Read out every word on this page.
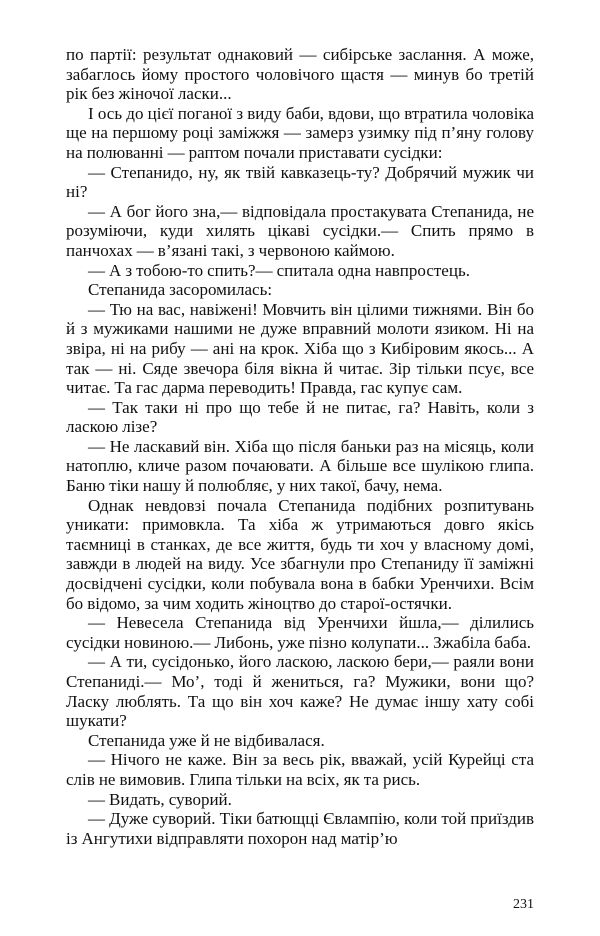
по партії: результат однаковий — сибірське заслання. А може, забаглось йому простого чоловічого щастя — минув бо третій рік без жіночої ласки...

І ось до цієї поганої з виду баби, вдови, що втратила чоловіка ще на першому році заміжжя — замерз узимку під п’яну голову на полюванні — раптом почали приставати сусідки:

— Степанидо, ну, як твій кавказець-ту? Добрячий мужик чи ні?

— А бог його зна,— відповідала простакувата Степанида, не розуміючи, куди хилять цікаві сусідки.— Спить прямо в панчохах — в’язані такі, з червоною каймою.

— А з тобою-то спить?— спитала одна навпростець.

Степанида засоромилась:

— Тю на вас, навіжені! Мовчить він цілими тижнями. Він бо й з мужиками нашими не дуже вправний молоти язиком. Ні на звіра, ні на рибу — ані на крок. Хіба що з Кибіровим якось... А так — ні. Сяде звечора біля вікна й читає. Зір тільки псує, все читає. Та гас дарма переводить! Правда, гас купує сам.

— Так таки ні про що тебе й не питає, га? Навіть, коли з ласкою лізе?

— Не ласкавий він. Хіба що після баньки раз на місяць, коли натоплю, кличе разом почаювати. А більше все шулікою глипа. Баню тіки нашу й полюбляє, у них такої, бачу, нема.

Однак невдовзі почала Степанида подібних розпитувань уникати: примовкла. Та хіба ж утримаються довго якісь таємниці в станках, де все життя, будь ти хоч у власному домі, завжди в людей на виду. Усе збагнули про Степаниду її заміжні досвідчені сусідки, коли побувала вона в бабки Уренчихи. Всім бо відомо, за чим ходить жіноцтво до старої-остячки.

— Невесела Степанида від Уренчихи йшла,— ділились сусідки новиною.— Либонь, уже пізно колупати... Зжабіла баба.

— А ти, сусідонько, його ласкою, ласкою бери,— раяли вони Степаниді.— Мо’, тоді й жениться, га? Мужики, вони що? Ласку люблять. Та що він хоч каже? Не думає іншу хату собі шукати?

Степанида уже й не відбивалася.

— Нічого не каже. Він за весь рік, вважай, усій Курейці ста слів не вимовив. Глипа тільки на всіх, як та рись.

— Видать, суворий.

— Дуже суворий. Тіки батющці Євлампію, коли той приїздив із Ангутихи відправляти похорон над матір’ю

231
